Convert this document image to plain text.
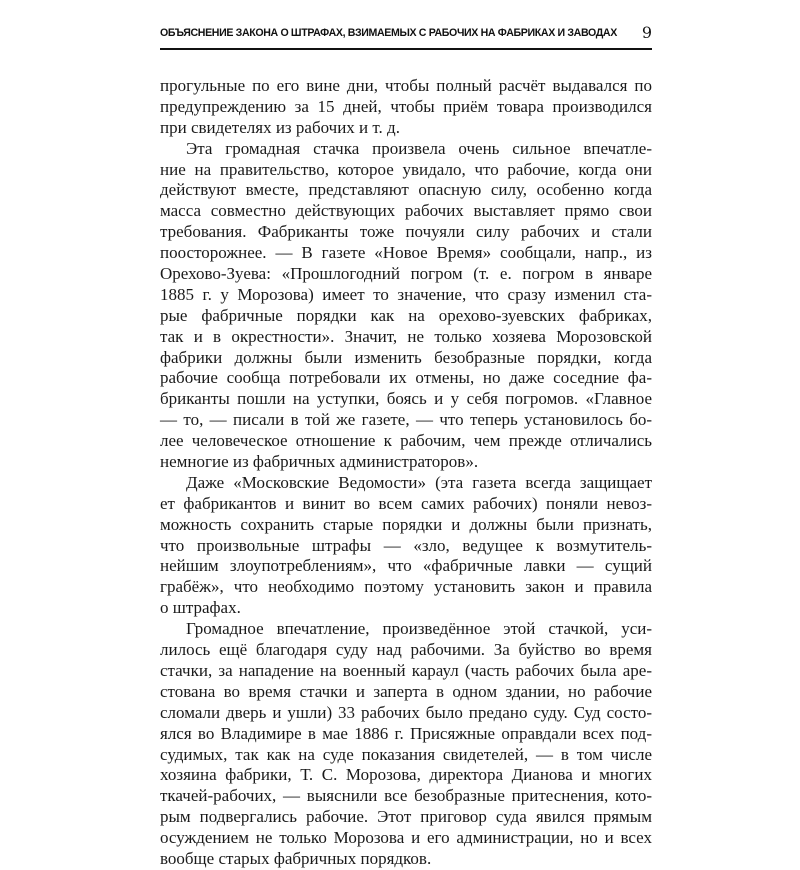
ОБЪЯСНЕНИЕ ЗАКОНА О ШТРАФАХ, ВЗИМАЕМЫХ С РАБОЧИХ НА ФАБРИКАХ И ЗАВОДАХ 9
прогульные по его вине дни, чтобы полный расчёт выдавался по
предупреждению за 15 дней, чтобы приём товара производился
при свидетелях из рабочих и т. д.
Эта громадная стачка произвела очень сильное впечатле-
ние на правительство, которое увидало, что рабочие, когда они
действуют вместе, представляют опасную силу, особенно когда
масса совместно действующих рабочих выставляет прямо свои
требования. Фабриканты тоже почуяли силу рабочих и стали
поосторожнее. — В газете «Новое Время» сообщали, напр., из
Орехово-Зуева: «Прошлогодний погром (т. е. погром в январе
1885 г. у Морозова) имеет то значение, что сразу изменил ста-
рые фабричные порядки как на орехово-зуевских фабриках,
так и в окрестности». Значит, не только хозяева Морозовской
фабрики должны были изменить безобразные порядки, когда
рабочие сообща потребовали их отмены, но даже соседние фа-
бриканты пошли на уступки, боясь и у себя погромов. «Главное
— то, — писали в той же газете, — что теперь установилось бо-
лее человеческое отношение к рабочим, чем прежде отличались
немногие из фабричных администраторов».
Даже «Московские Ведомости» (эта газета всегда защищает
ет фабрикантов и винит во всем самих рабочих) поняли невоз-
можность сохранить старые порядки и должны были признать,
что произвольные штрафы — «зло, ведущее к возмутитель-
нейшим злоупотреблениям», что «фабричные лавки — сущий
грабёж», что необходимо поэтому установить закон и правила
о штрафах.
Громадное впечатление, произведённое этой стачкой, уси-
лилось ещё благодаря суду над рабочими. За буйство во время
стачки, за нападение на военный караул (часть рабочих была аре-
стована во время стачки и заперта в одном здании, но рабочие
сломали дверь и ушли) 33 рабочих было предано суду. Суд состо-
ялся во Владимире в мае 1886 г. Присяжные оправдали всех под-
судимых, так как на суде показания свидетелей, — в том числе
хозяина фабрики, Т. С. Морозова, директора Дианова и многих
ткачей-рабочих, — выяснили все безобразные притеснения, кото-
рым подвергались рабочие. Этот приговор суда явился прямым
осуждением не только Морозова и его администрации, но и всех
вообще старых фабричных порядков.
